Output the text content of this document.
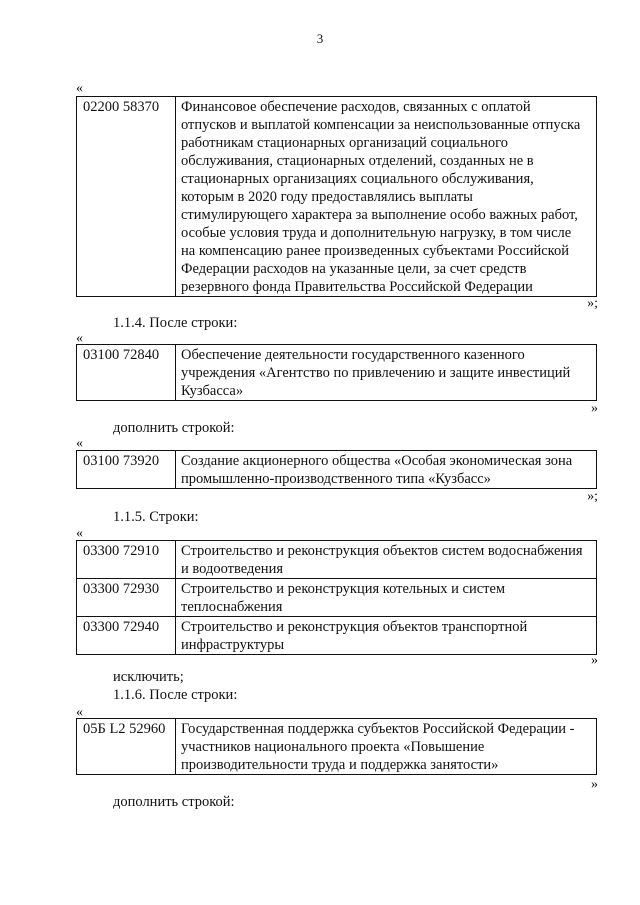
3
«
02200 58370	Финансовое обеспечение расходов, связанных с оплатой
отпусков и выплатой компенсации за неиспользованные отпуска
работникам стационарных организаций социального
обслуживания, стационарных отделений, созданных не в
стационарных организациях социального обслуживания,
которым в 2020 году предоставлялись выплаты
стимулирующего характера за выполнение особо важных работ,
особые условия труда и дополнительную нагрузку, в том числе
на компенсацию ранее произведенных субъектами Российской
Федерации расходов на указанные цели, за счет средств
резервного фонда Правительства Российской Федерации
»;
1.1.4. После строки:
«
03100 72840	Обеспечение деятельности государственного казенного
учреждения «Агентство по привлечению и защите инвестиций
Кузбасса»
»
дополнить строкой:
«
03100 73920	Создание акционерного общества «Особая экономическая зона
промышленно-производственного типа «Кузбасс»
»;
1.1.5. Строки:
«
03300 72910	Строительство и реконструкция объектов систем водоснабжения
и водоотведения

03300 72930	Строительство и реконструкция котельных и систем
теплоснабжения

03300 72940	Строительство и реконструкция объектов транспортной
инфраструктуры
»
исключить;
1.1.6. После строки:
«
05Б L2 52960	Государственная поддержка субъектов Российской Федерации -
участников национального проекта «Повышение
производительности труда и поддержка занятости»
»
дополнить строкой:
